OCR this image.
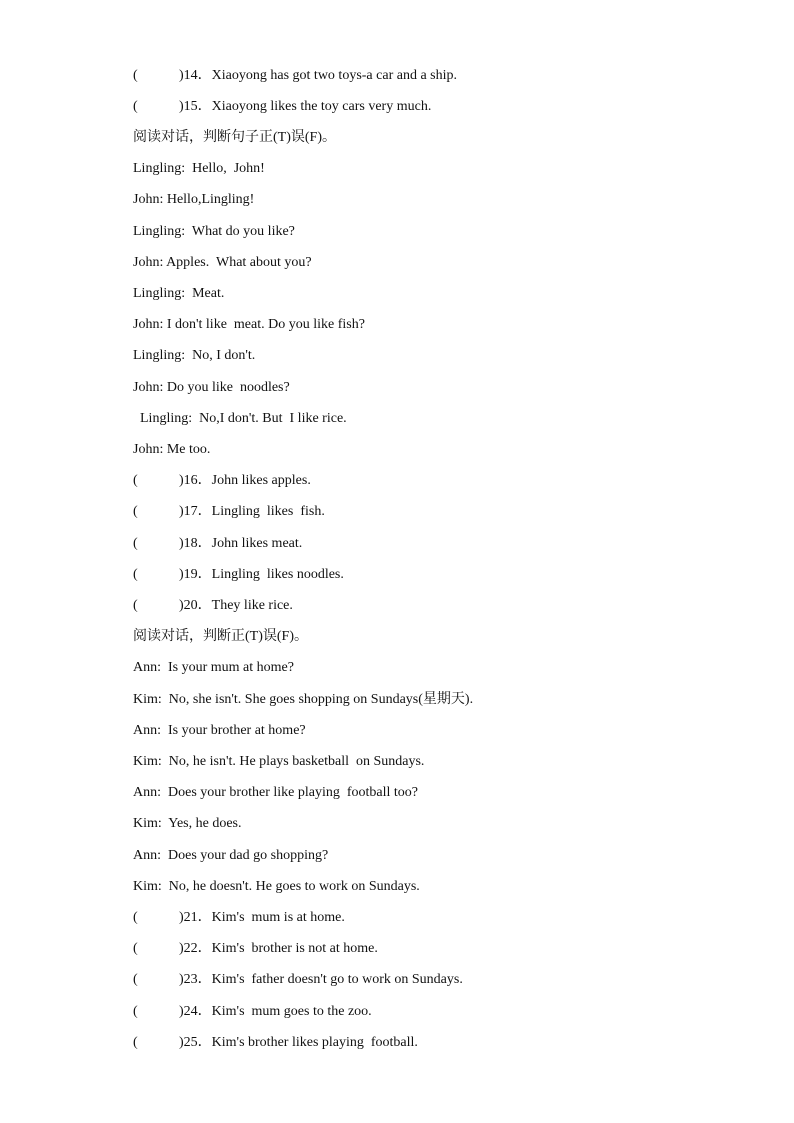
(	)14．Xiaoyong has got two toys-a car and a ship.
(	)15．Xiaoyong likes the toy cars very much.
阅读对话，判断句子正(T)误(F)。
Lingling:  Hello,  John!
John: Hello,Lingling!
Lingling:  What do you like?
John: Apples.  What about you?
Lingling:  Meat.
John: I don't like  meat. Do you like fish?
Lingling:  No, I don't.
John: Do you like  noodles?
Lingling:  No,I don't. But  I like rice.
John: Me too.
(	)16．John likes apples.
(	)17．Lingling  likes  fish.
(	)18．John likes meat.
(	)19．Lingling  likes noodles.
(	)20．They like rice.
阅读对话，判断正(T)误(F)。
Ann:  Is your mum at home?
Kim:  No, she isn't. She goes shopping on Sundays(星期天).
Ann:  Is your brother at home?
Kim:  No, he isn't. He plays basketball  on Sundays.
Ann:  Does your brother like playing  football too?
Kim:  Yes, he does.
Ann:  Does your dad go shopping?
Kim:  No, he doesn't. He goes to work on Sundays.
(	)21．Kim's  mum is at home.
(	)22．Kim's  brother is not at home.
(	)23．Kim's  father doesn't go to work on Sundays.
(	)24．Kim's  mum goes to the zoo.
(	)25．Kim's brother likes playing  football.
